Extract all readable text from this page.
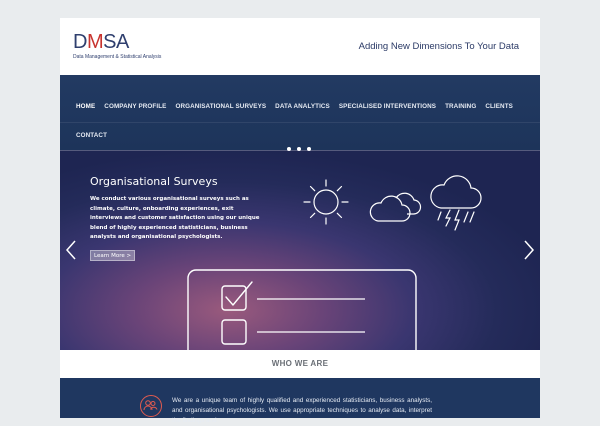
D M SA
Data Management & Statistical Analysis
Adding New Dimensions To Your Data
HOME COMPANY PROFILE ORGANISATIONAL SURVEYS DATA ANALYTICS SPECIALISED INTERVENTIONS TRAINING CLIENTS
CONTACT
Organisational Surveys
We conduct various organisational surveys such as climate, culture, onboarding experiences, exit interviews and customer satisfaction using our unique blend of highly experienced statisticians, business analysts and organisational psychologists.
Learn More >
WHO WE ARE
We are a unique team of highly qualified and experienced statisticians, business analysts, and organisational psychologists. We use appropriate techniques to analyse data, interpret the findings and
